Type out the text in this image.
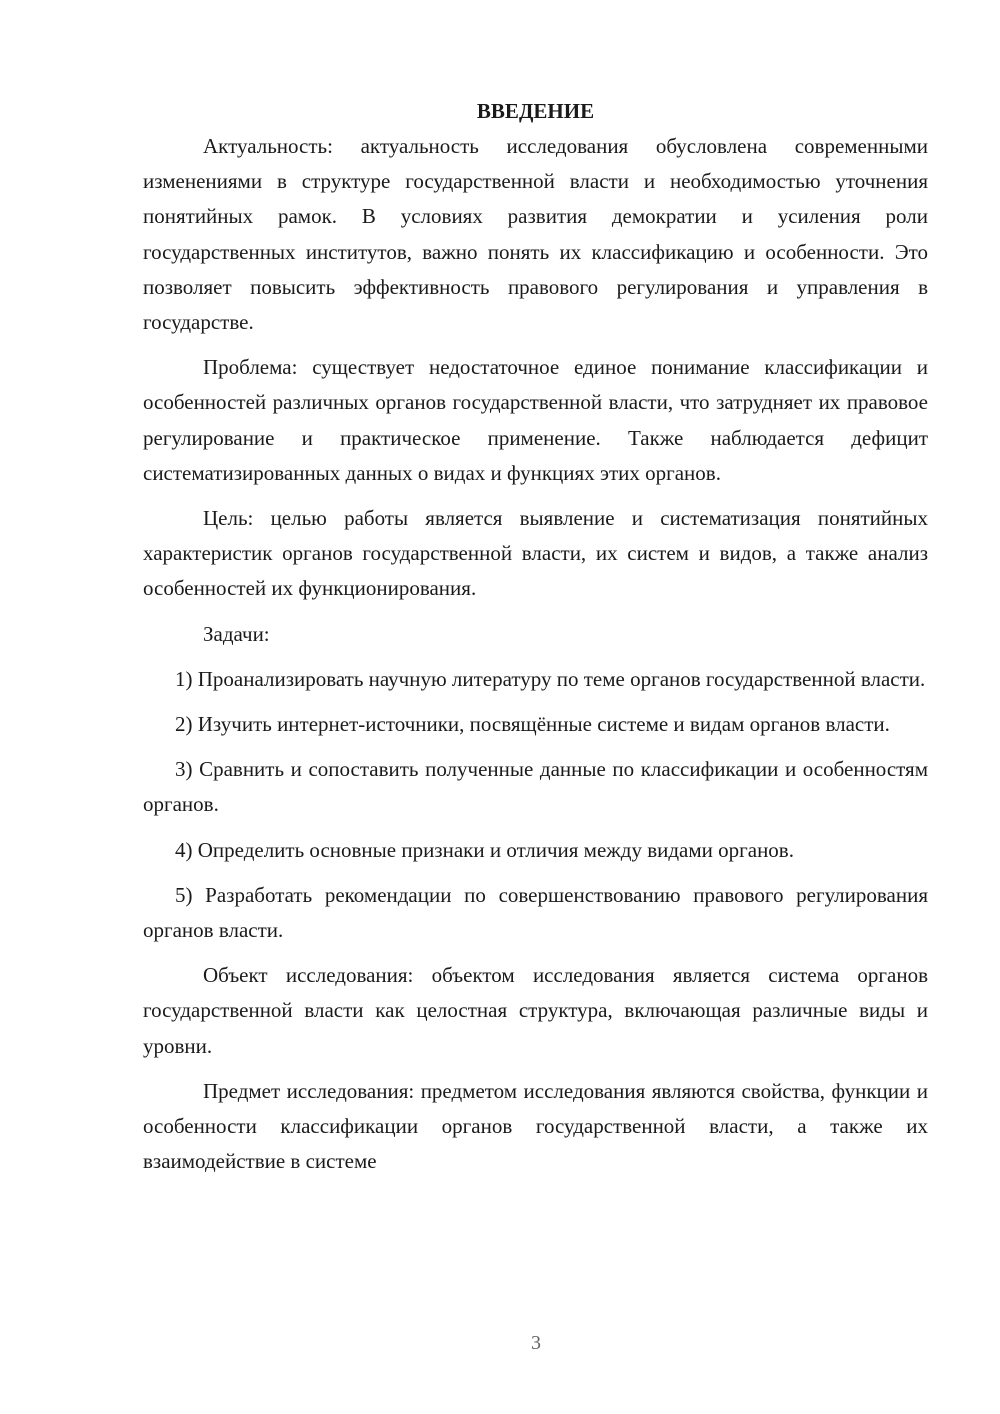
ВВЕДЕНИЕ

Актуальность: актуальность исследования обусловлена современными изменениями в структуре государственной власти и необходимостью уточнения понятийных рамок. В условиях развития демократии и усиления роли государственных институтов, важно понять их классификацию и особенности. Это позволяет повысить эффективность правового регулирования и управления в государстве.

Проблема: существует недостаточное единое понимание классификации и особенностей различных органов государственной власти, что затрудняет их правовое регулирование и практическое применение. Также наблюдается дефицит систематизированных данных о видах и функциях этих органов.

Цель: целью работы является выявление и систематизация понятийных характеристик органов государственной власти, их систем и видов, а также анализ особенностей их функционирования.

Задачи:

1) Проанализировать научную литературу по теме органов государственной власти.

2) Изучить интернет-источники, посвящённые системе и видам органов власти.

3) Сравнить и сопоставить полученные данные по классификации и особенностям органов.

4) Определить основные признаки и отличия между видами органов.

5) Разработать рекомендации по совершенствованию правового регулирования органов власти.

Объект исследования: объектом исследования является система органов государственной власти как целостная структура, включающая различные виды и уровни.

Предмет исследования: предметом исследования являются свойства, функции и особенности классификации органов государственной власти, а также их взаимодействие в системе

3
